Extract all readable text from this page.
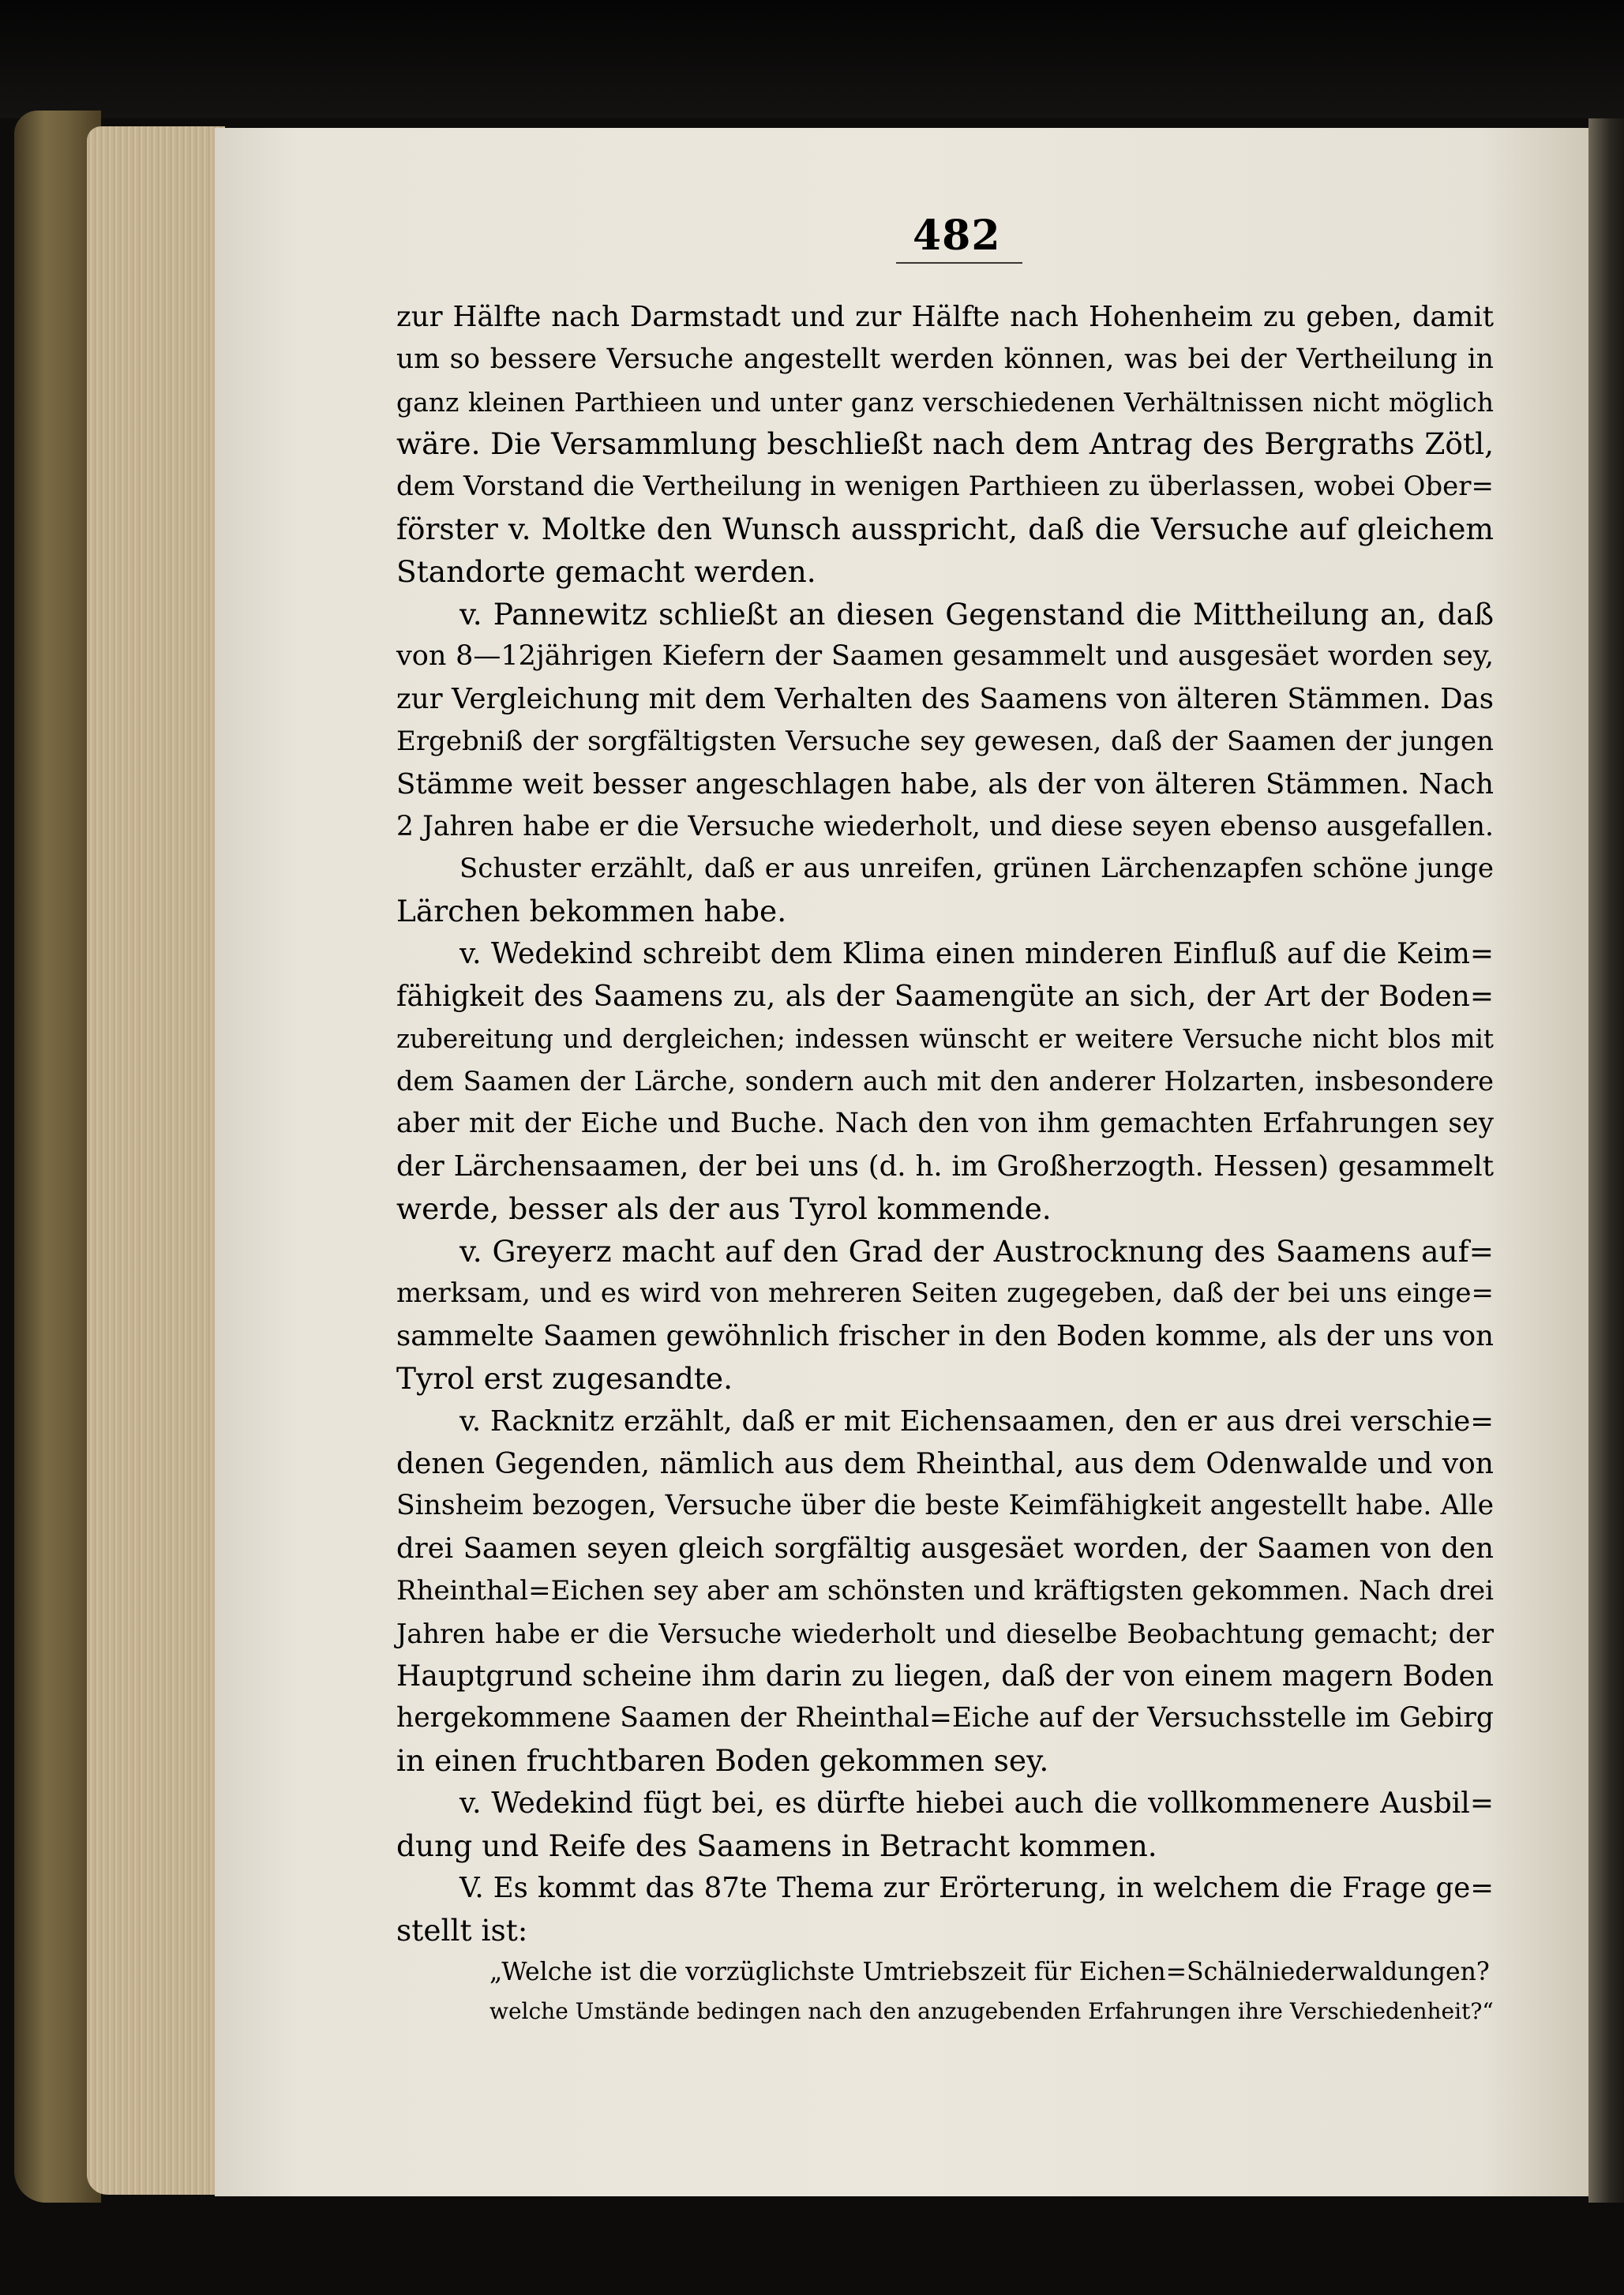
482
zur Hälfte nach Darmstadt und zur Hälfte nach Hohenheim zu geben, damit
um so bessere Versuche angestellt werden können, was bei der Vertheilung in
ganz kleinen Parthieen und unter ganz verschiedenen Verhältnissen nicht möglich
wäre. Die Versammlung beschließt nach dem Antrag des Bergraths Zötl,
dem Vorstand die Vertheilung in wenigen Parthieen zu überlassen, wobei Ober=
förster v. Moltke den Wunsch ausspricht, daß die Versuche auf gleichem
Standorte gemacht werden.
v. Pannewitz schließt an diesen Gegenstand die Mittheilung an, daß
von 8—12jährigen Kiefern der Saamen gesammelt und ausgesäet worden sey,
zur Vergleichung mit dem Verhalten des Saamens von älteren Stämmen. Das
Ergebniß der sorgfältigsten Versuche sey gewesen, daß der Saamen der jungen
Stämme weit besser angeschlagen habe, als der von älteren Stämmen. Nach
2 Jahren habe er die Versuche wiederholt, und diese seyen ebenso ausgefallen.
Schuster erzählt, daß er aus unreifen, grünen Lärchenzapfen schöne junge
Lärchen bekommen habe.
v. Wedekind schreibt dem Klima einen minderen Einfluß auf die Keim=
fähigkeit des Saamens zu, als der Saamengüte an sich, der Art der Boden=
zubereitung und dergleichen; indessen wünscht er weitere Versuche nicht blos mit
dem Saamen der Lärche, sondern auch mit den anderer Holzarten, insbesondere
aber mit der Eiche und Buche. Nach den von ihm gemachten Erfahrungen sey
der Lärchensaamen, der bei uns (d. h. im Großherzogth. Hessen) gesammelt
werde, besser als der aus Tyrol kommende.
v. Greyerz macht auf den Grad der Austrocknung des Saamens auf=
merksam, und es wird von mehreren Seiten zugegeben, daß der bei uns einge=
sammelte Saamen gewöhnlich frischer in den Boden komme, als der uns von
Tyrol erst zugesandte.
v. Racknitz erzählt, daß er mit Eichensaamen, den er aus drei verschie=
denen Gegenden, nämlich aus dem Rheinthal, aus dem Odenwalde und von
Sinsheim bezogen, Versuche über die beste Keimfähigkeit angestellt habe. Alle
drei Saamen seyen gleich sorgfältig ausgesäet worden, der Saamen von den
Rheinthal=Eichen sey aber am schönsten und kräftigsten gekommen. Nach drei
Jahren habe er die Versuche wiederholt und dieselbe Beobachtung gemacht; der
Hauptgrund scheine ihm darin zu liegen, daß der von einem magern Boden
hergekommene Saamen der Rheinthal=Eiche auf der Versuchsstelle im Gebirg
in einen fruchtbaren Boden gekommen sey.
v. Wedekind fügt bei, es dürfte hiebei auch die vollkommenere Ausbil=
dung und Reife des Saamens in Betracht kommen.
V. Es kommt das 87te Thema zur Erörterung, in welchem die Frage ge=
stellt ist:
„Welche ist die vorzüglichste Umtriebszeit für Eichen=Schälniederwaldungen?
welche Umstände bedingen nach den anzugebenden Erfahrungen ihre Verschiedenheit?“
